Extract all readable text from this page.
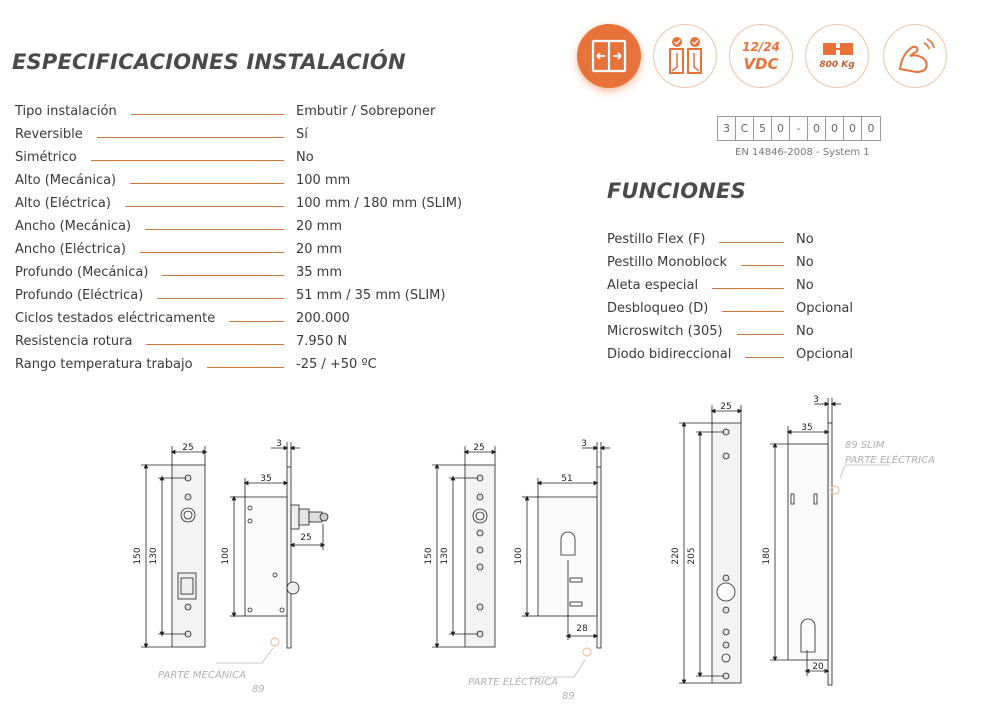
ESPECIFICACIONES INSTALACIÓN
FUNCIONES
Tipo instalación	Embutir / Sobreponer
Reversible	Sí
Simétrico	No
Alto (Mecánica)	100 mm
Alto (Eléctrica)	100 mm / 180 mm (SLIM)
Ancho (Mecánica)	20 mm
Ancho (Eléctrica)	20 mm
Profundo (Mecánica)	35 mm
Profundo (Eléctrica)	51 mm / 35 mm (SLIM)
Ciclos testados eléctricamente	200.000
Resistencia rotura	7.950 N
Rango temperatura trabajo	-25 / +50 ºC
Pestillo Flex (F)	No
Pestillo Monoblock	No
Aleta especial	No
Desbloqueo (D)	Opcional
Microswitch (305)	No
Diodo bidireccional	Opcional
12/24
VDC	800 Kg
3 C 5	0	-	0	0	0	0
EN 14846-2008 - System 1
25	3
35
150 130	100
25
25	3
51
150 130	100
28
25
3
35
220 205	180
20
PARTE MECÁNICA
89
PARTE ELÉCTRICA
89
89 SLIM
PARTE ELÉCTRICA
